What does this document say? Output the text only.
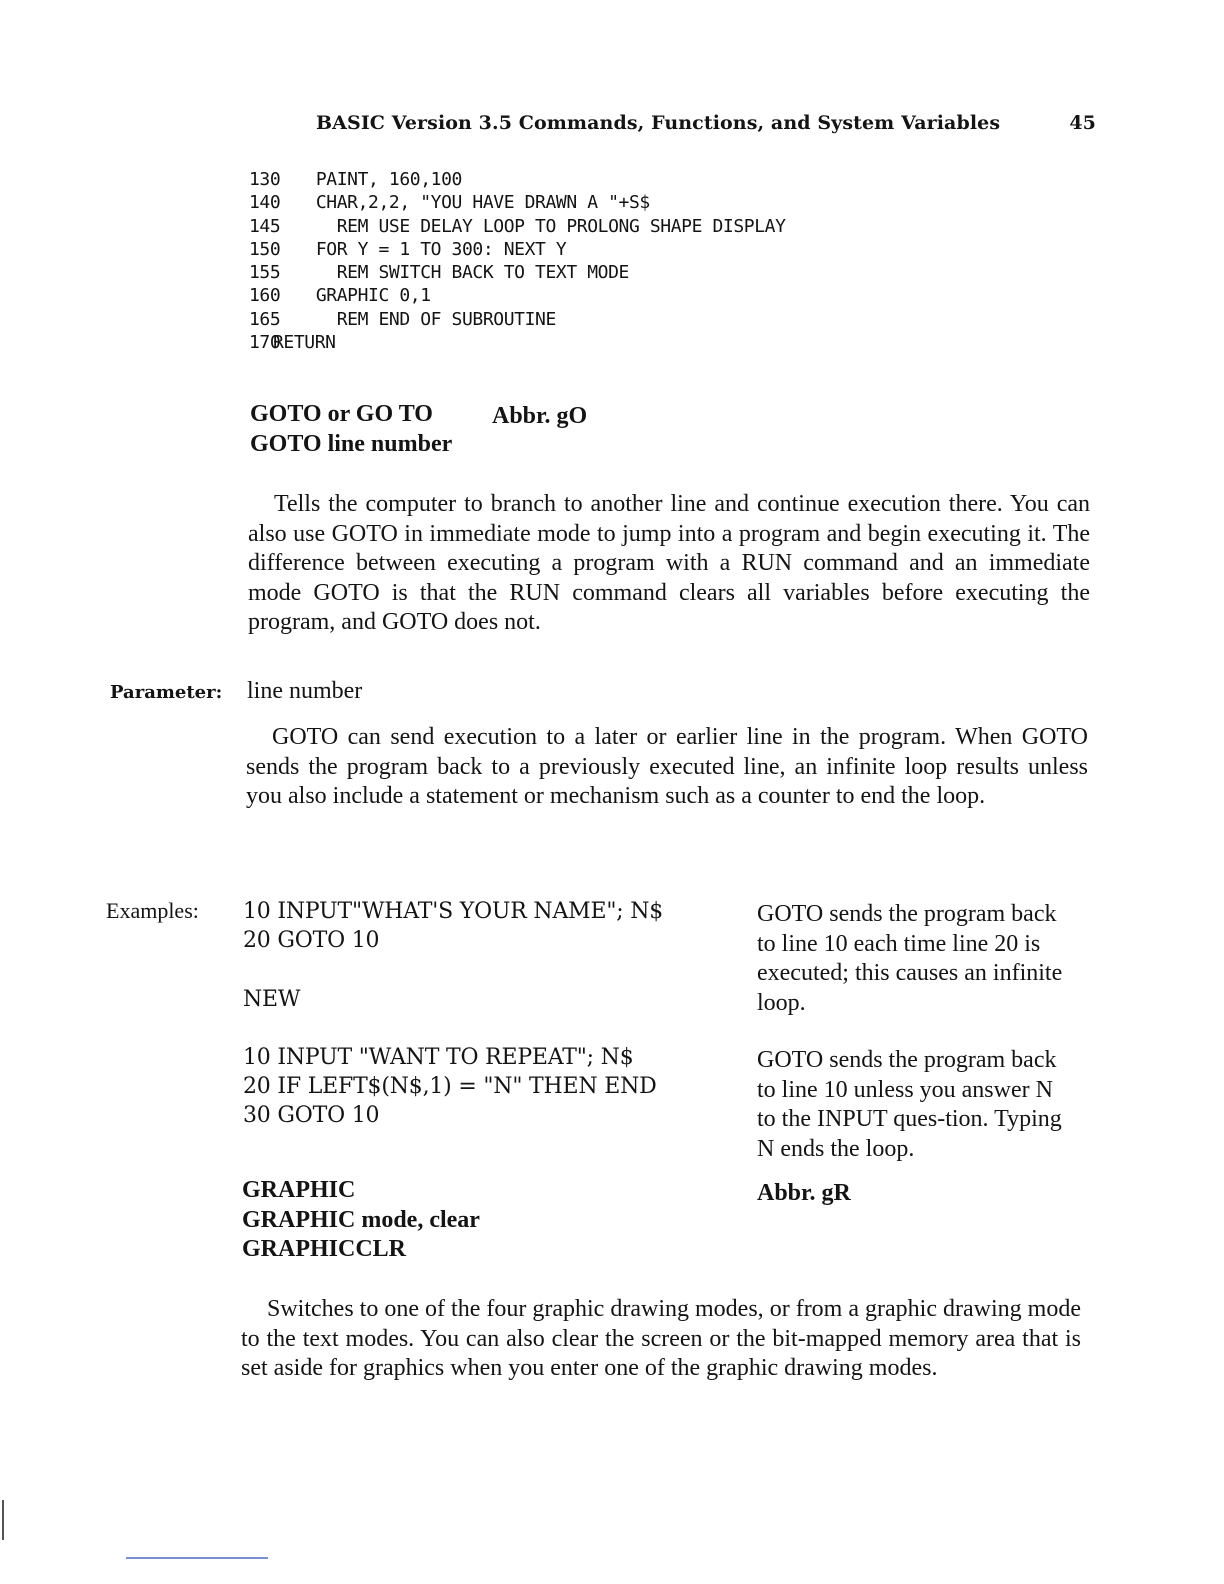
BASIC Version 3.5 Commands, Functions, and System Variables	45
130  PAINT, 160,100
140  CHAR,2,2, "YOU HAVE DRAWN A "+S$
145    REM USE DELAY LOOP TO PROLONG SHAPE DISPLAY
150  FOR Y = 1 TO 300: NEXT Y
155    REM SWITCH BACK TO TEXT MODE
160  GRAPHIC 0,1
165    REM END OF SUBROUTINE
170RETURN
GOTO or GO TO Abbr. gO
GOTO line number
Tells the computer to branch to another line and continue execution there. You can also use GOTO in immediate mode to jump into a program and begin executing it. The difference between executing a program with a RUN command and an immediate mode GOTO is that the RUN command clears all variables before executing the program, and GOTO does not.
Parameter: line number
GOTO can send execution to a later or earlier line in the program. When GOTO sends the program back to a previously executed line, an infinite loop results unless you also include a statement or mechanism such as a counter to end the loop.
Examples: 10 INPUT"WHAT'S YOUR NAME"; N$
20 GOTO 10
GOTO sends the program back to line 10 each time line 20 is executed; this causes an infinite loop.
NEW
10 INPUT "WANT TO REPEAT"; N$
20 IF LEFT$(N$,1) = "N" THEN END
30 GOTO 10
GOTO sends the program back to line 10 unless you answer N to the INPUT ques-tion. Typing N ends the loop.
GRAPHIC
GRAPHIC mode, clear
GRAPHICCLR
Abbr. gR
Switches to one of the four graphic drawing modes, or from a graphic drawing mode to the text modes. You can also clear the screen or the bit-mapped memory area that is set aside for graphics when you enter one of the graphic drawing modes.
